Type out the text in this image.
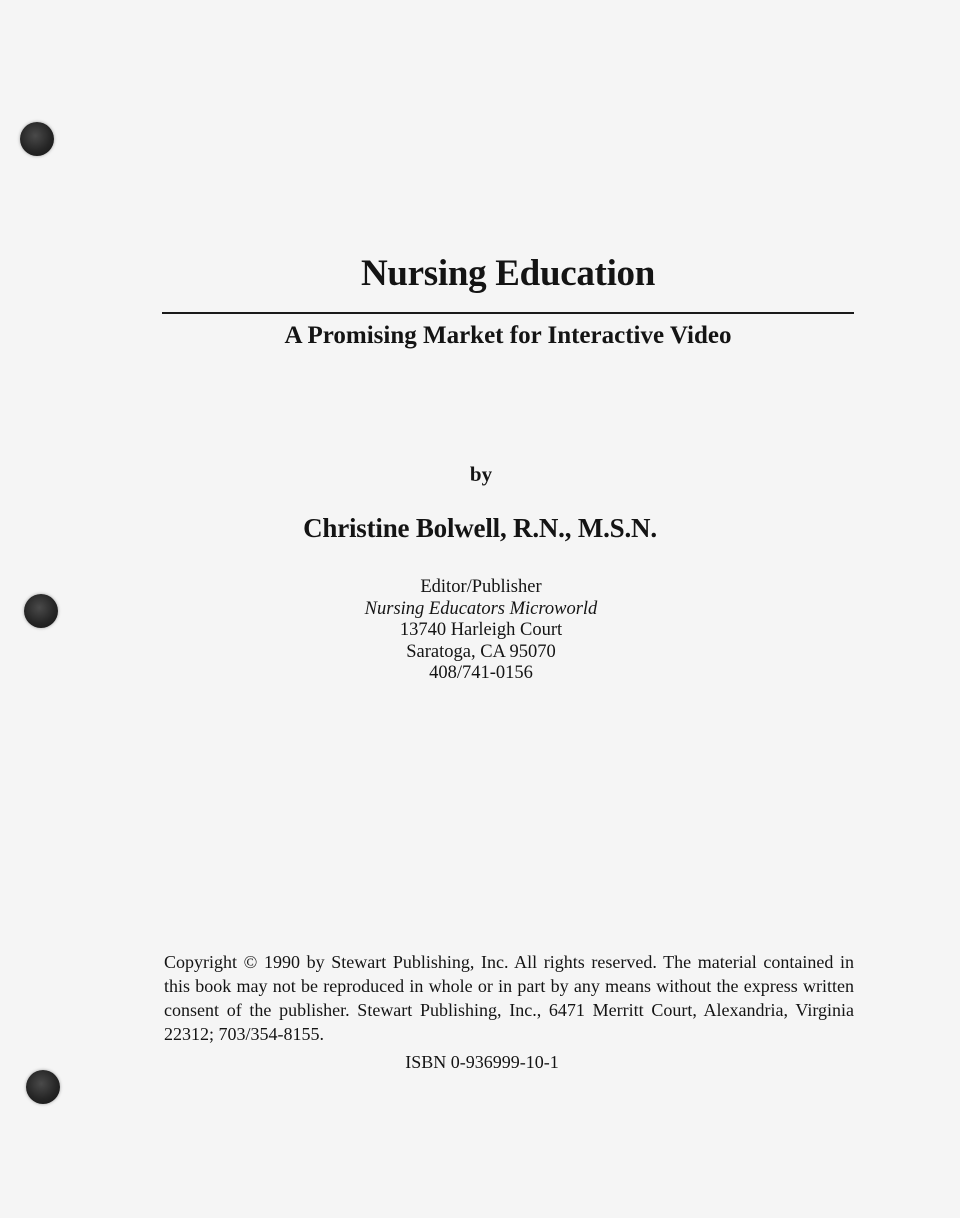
Nursing Education
A Promising Market for Interactive Video
by
Christine Bolwell, R.N., M.S.N.
Editor/Publisher
Nursing Educators Microworld
13740 Harleigh Court
Saratoga, CA 95070
408/741-0156
Copyright © 1990 by Stewart Publishing, Inc. All rights reserved. The material contained in this book may not be reproduced in whole or in part by any means without the express written consent of the publisher. Stewart Publishing, Inc., 6471 Merritt Court, Alexandria, Virginia 22312; 703/354-8155.
ISBN 0-936999-10-1
